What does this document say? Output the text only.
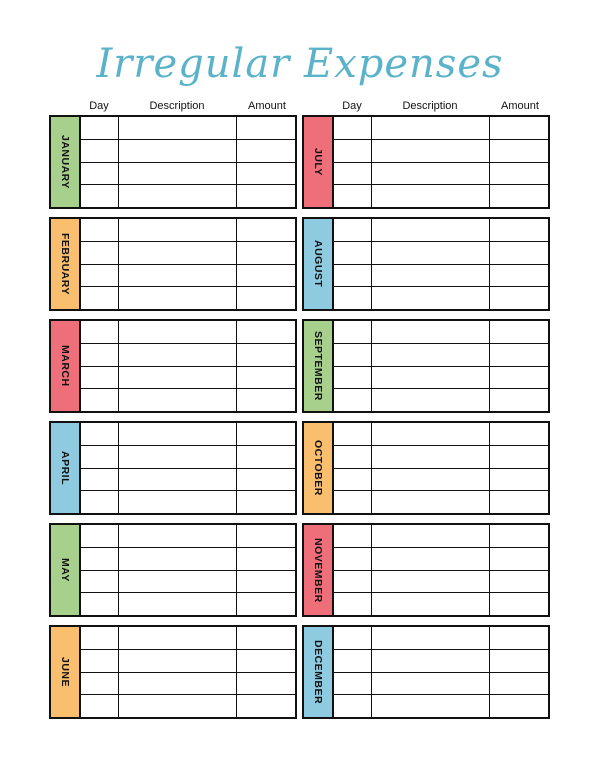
Irregular Expenses
Day	Description	Amount
JANUARY
FEBRUARY
MARCH
APRIL
MAY
JUNE
Day	Description	Amount
JULY
AUGUST
SEPTEMBER
OCTOBER
NOVEMBER
DECEMBER
